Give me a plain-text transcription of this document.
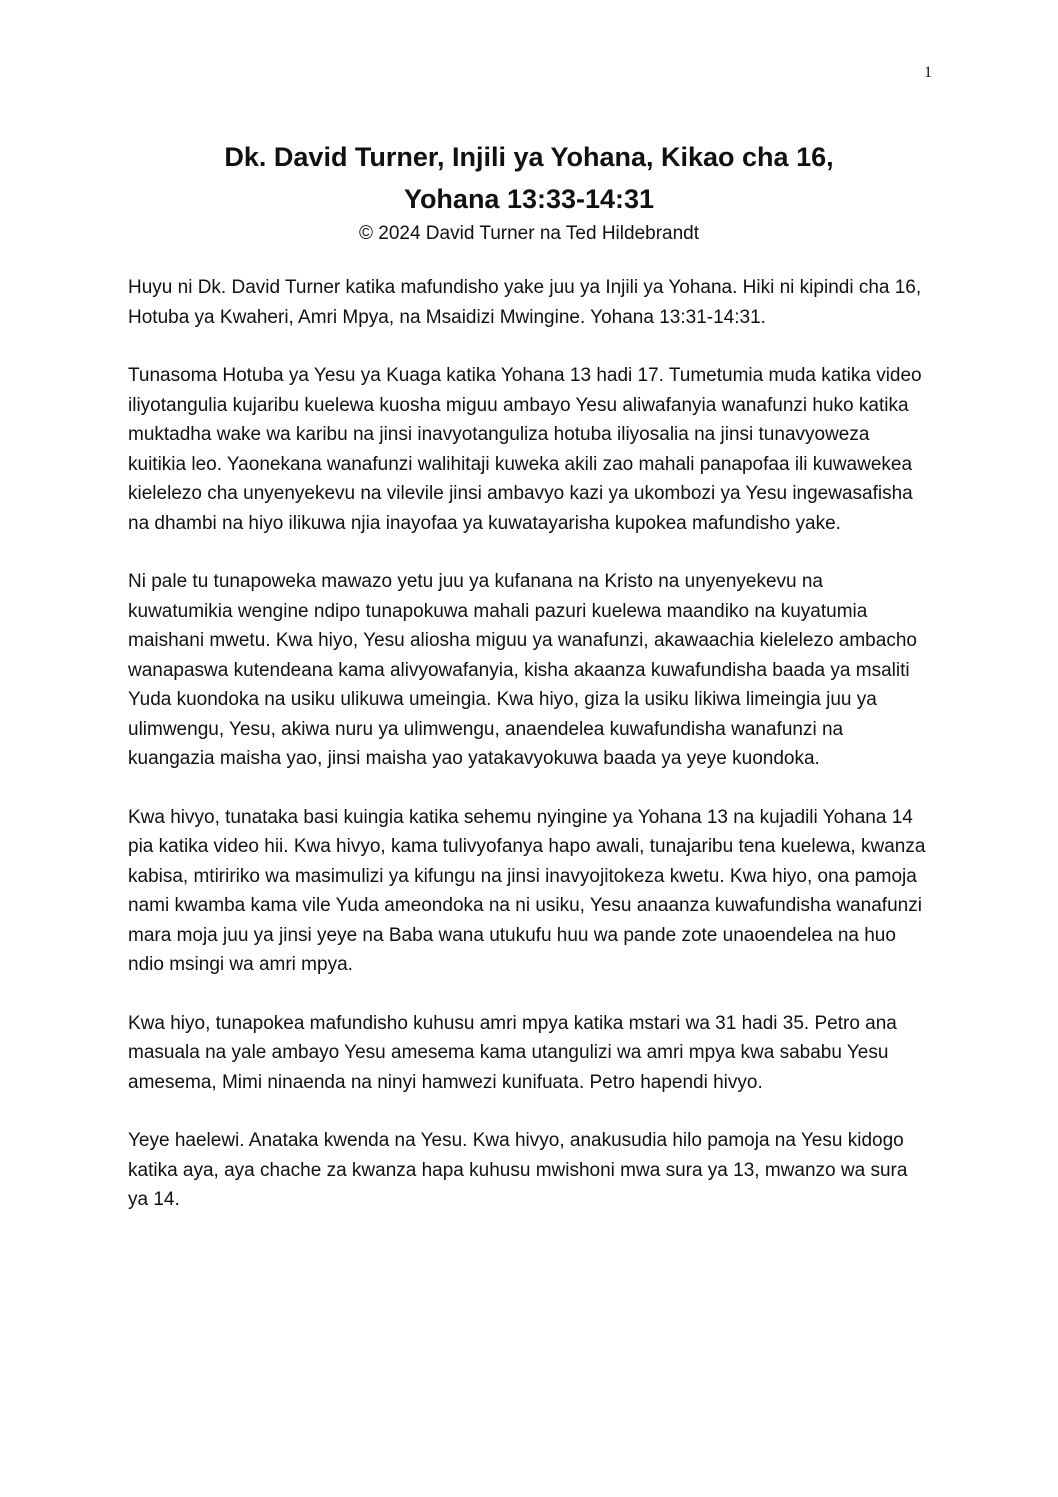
1
Dk. David Turner, Injili ya Yohana, Kikao cha 16,
Yohana 13:33-14:31
© 2024 David Turner na Ted Hildebrandt

Huyu ni Dk. David Turner katika mafundisho yake juu ya Injili ya Yohana. Hiki ni kipindi cha 16, Hotuba ya Kwaheri, Amri Mpya, na Msaidizi Mwingine. Yohana 13:31-14:31.

Tunasoma Hotuba ya Yesu ya Kuaga katika Yohana 13 hadi 17. Tumetumia muda katika video iliyotangulia kujaribu kuelewa kuosha miguu ambayo Yesu aliwafanyia wanafunzi huko katika muktadha wake wa karibu na jinsi inavyotanguliza hotuba iliyosalia na jinsi tunavyoweza kuitikia leo. Yaonekana wanafunzi walihitaji kuweka akili zao mahali panapofaa ili kuwawekea kielelezo cha unyenyekevu na vilevile jinsi ambavyo kazi ya ukombozi ya Yesu ingewasafisha na dhambi na hiyo ilikuwa njia inayofaa ya kuwatayarisha kupokea mafundisho yake.

Ni pale tu tunapoweka mawazo yetu juu ya kufanana na Kristo na unyenyekevu na kuwatumikia wengine ndipo tunapokuwa mahali pazuri kuelewa maandiko na kuyatumia maishani mwetu. Kwa hiyo, Yesu aliosha miguu ya wanafunzi, akawaachia kielelezo ambacho wanapaswa kutendeana kama alivyowafanyia, kisha akaanza kuwafundisha baada ya msaliti Yuda kuondoka na usiku ulikuwa umeingia. Kwa hiyo, giza la usiku likiwa limeingia juu ya ulimwengu, Yesu, akiwa nuru ya ulimwengu, anaendelea kuwafundisha wanafunzi na kuangazia maisha yao, jinsi maisha yao yatakavyokuwa baada ya yeye kuondoka.

Kwa hivyo, tunataka basi kuingia katika sehemu nyingine ya Yohana 13 na kujadili Yohana 14 pia katika video hii. Kwa hivyo, kama tulivyofanya hapo awali, tunajaribu tena kuelewa, kwanza kabisa, mtiririko wa masimulizi ya kifungu na jinsi inavyojitokeza kwetu. Kwa hiyo, ona pamoja nami kwamba kama vile Yuda ameondoka na ni usiku, Yesu anaanza kuwafundisha wanafunzi mara moja juu ya jinsi yeye na Baba wana utukufu huu wa pande zote unaoendelea na huo ndio msingi wa amri mpya.

Kwa hiyo, tunapokea mafundisho kuhusu amri mpya katika mstari wa 31 hadi 35. Petro ana masuala na yale ambayo Yesu amesema kama utangulizi wa amri mpya kwa sababu Yesu amesema, Mimi ninaenda na ninyi hamwezi kunifuata. Petro hapendi hivyo.

Yeye haelewi. Anataka kwenda na Yesu. Kwa hivyo, anakusudia hilo pamoja na Yesu kidogo katika aya, aya chache za kwanza hapa kuhusu mwishoni mwa sura ya 13, mwanzo wa sura ya 14.
